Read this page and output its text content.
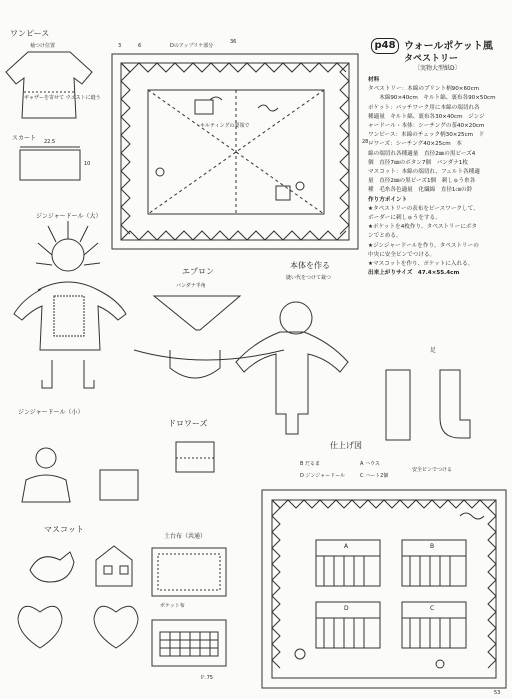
p48 ウォールポケット風
タペストリー
〔実物大型紙D〕
材料
タペストリー：本綿のプリント柄90×60cm
　　木綿90×40cm　キルト綿、裏布各90×50cm
ポケット：パッチワーク用に本綿の端切れ各
種適量　キルト綿、裏布各30×40cm　ジンジ
ャードール・本体：シーチングの茶40×20cm
ワンピース：本綿のチェック柄30×25cm　ド
ロワーズ：シーチング40×25cm　本
綿の端切れ各種適量　直径2㎜の黒ビーズ4
個　直径7㎜のボタン7個　バンダナ1枚
マスコット：本綿の端切れ、フェルト各種適
量　直径2㎜の黒ビーズ1個　刺しゅう糸各
種　毛糸各色適量　化繊綿　直径1㎝の鈴
作り方ポイント
★タペストリーの表布をピースワークして、
ボーダーに刺しゅうをする。
★ポケットを4枚作り、タペストリーにボタ
ンでとめる。
★ジンジャードールを作り、タペストリーの
中央に安全ピンでつける。
★マスコットを作り、ポケットに入れる。
出来上がりサイズ　47.4×55.4cm
ワンピース
袖つけ位置
ギャザーを寄せて ウエストに縫う
スカート 22.5
10
36
28
3	6	Dのアップリケ部分
キルティングの要領で
ジンジャードール（大）
ジンジャードール（小）
エプロン
バンダナ半角
本体を作る
縫い代をつけて裁つ
足
ドロワーズ
土台布（共通）
ポケット布
マスコット
仕上げ図
B だるま	A ハウス
D ジンジャードール	C ハート2個
安全ピンでつける
A	B
C
D
Ｐ.75
53
